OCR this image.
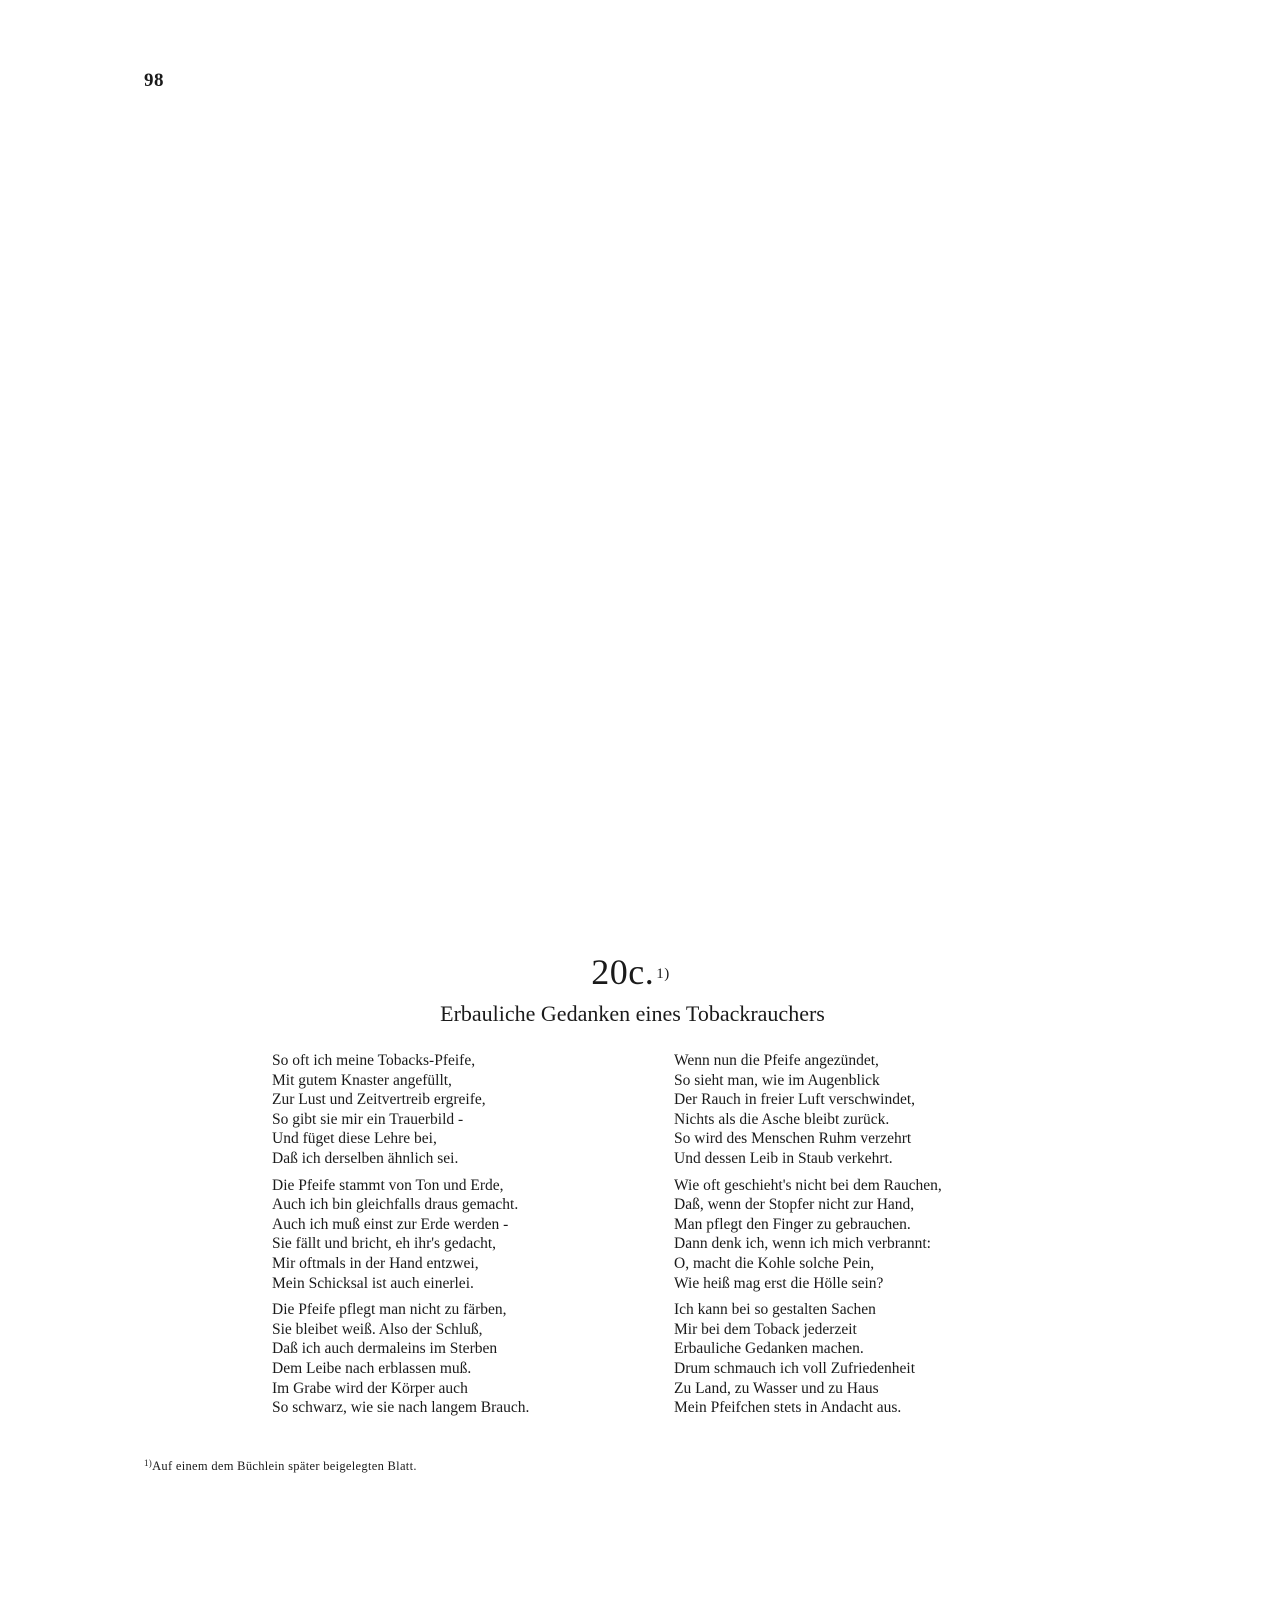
98
20c. $^{1)}$
Erbauliche Gedanken eines Tobackrauchers
So oft ich meine Tobacks-Pfeife,
Mit gutem Knaster angefüllt,
Zur Lust und Zeitvertreib ergreife,
So gibt sie mir ein Trauerbild -
Und füget diese Lehre bei,
Daß ich derselben ähnlich sei.
Die Pfeife stammt von Ton und Erde,
Auch ich bin gleichfalls draus gemacht.
Auch ich muß einst zur Erde werden -
Sie fällt und bricht, eh ihr's gedacht,
Mir oftmals in der Hand entzwei,
Mein Schicksal ist auch einerlei.
Die Pfeife pflegt man nicht zu färben,
Sie bleibet weiß. Also der Schluß,
Daß ich auch dermaleins im Sterben
Dem Leibe nach erblassen muß.
Im Grabe wird der Körper auch
So schwarz, wie sie nach langem Brauch.
Wenn nun die Pfeife angezündet,
So sieht man, wie im Augenblick
Der Rauch in freier Luft verschwindet,
Nichts als die Asche bleibt zurück.
So wird des Menschen Ruhm verzehrt
Und dessen Leib in Staub verkehrt.
Wie oft geschieht's nicht bei dem Rauchen,
Daß, wenn der Stopfer nicht zur Hand,
Man pflegt den Finger zu gebrauchen.
Dann denk ich, wenn ich mich verbrannt:
O, macht die Kohle solche Pein,
Wie heiß mag erst die Hölle sein?
Ich kann bei so gestalten Sachen
Mir bei dem Toback jederzeit
Erbauliche Gedanken machen.
Drum schmauch ich voll Zufriedenheit
Zu Land, zu Wasser und zu Haus
Mein Pfeifchen stets in Andacht aus.
$^{1)}$Auf einem dem Büchlein später beigelegten Blatt.
